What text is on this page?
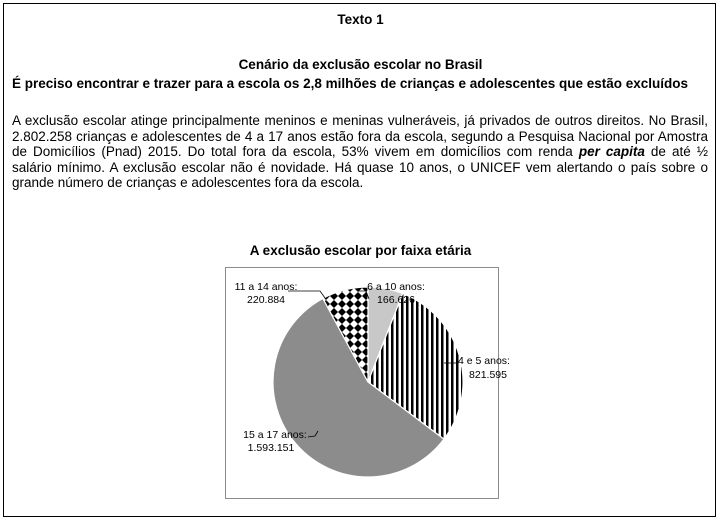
Texto 1
Cenário da exclusão escolar no Brasil
É preciso encontrar e trazer para a escola os 2,8 milhões de crianças e adolescentes que estão excluídos
A exclusão escolar atinge principalmente meninos e meninas vulneráveis, já privados de outros direitos. No Brasil, 2.802.258 crianças e adolescentes de 4 a 17 anos estão fora da escola, segundo a Pesquisa Nacional por Amostra de Domicílios (Pnad) 2015. Do total fora da escola, 53% vivem em domicílios com renda per capita de até ½ salário mínimo. A exclusão escolar não é novidade. Há quase 10 anos, o UNICEF vem alertando o país sobre o grande número de crianças e adolescentes fora da escola.
A exclusão escolar por faixa etária
6 a 10 anos:
166.626
4 e 5 anos:
821.595
15 a 17 anos:
1.593.151
11 a 14 anos:
220.884
